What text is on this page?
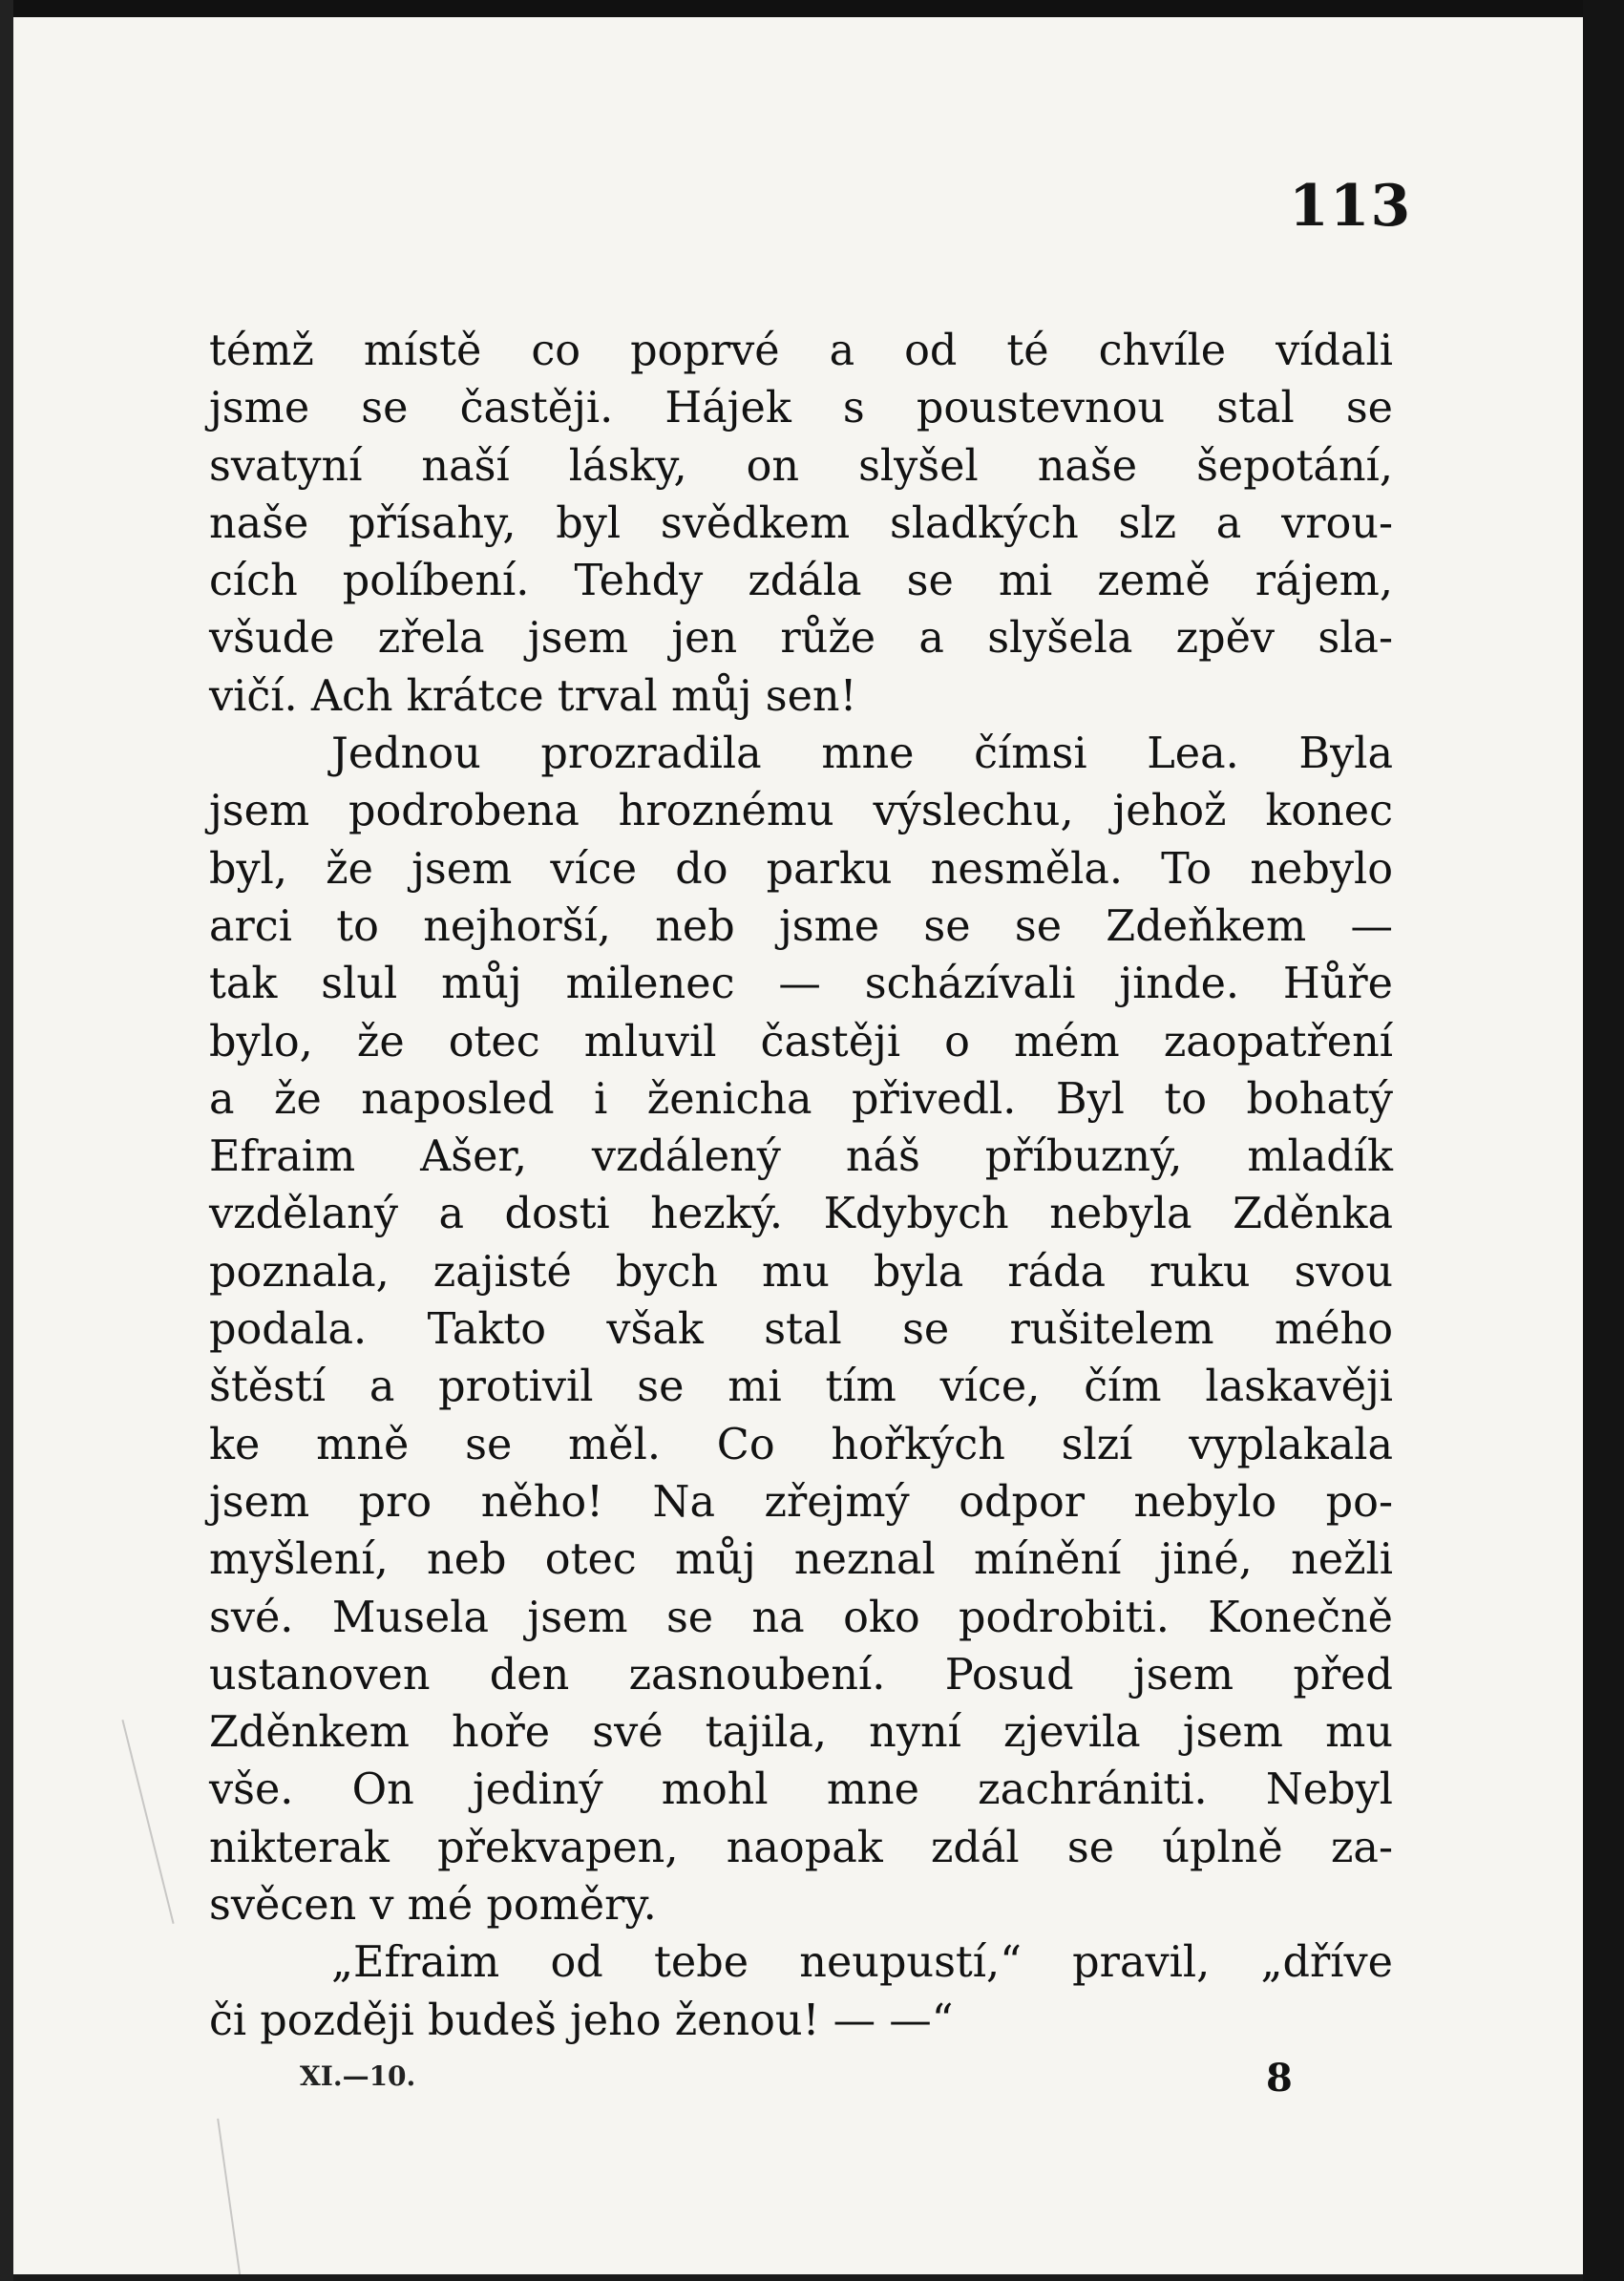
113
témž místě co poprvé a od té chvíle vídali
jsme se častěji. Hájek s poustevnou stal se
svatyní naší lásky, on slyšel naše šepotání,
naše přísahy, byl svědkem sladkých slz a vrou-
cích políbení. Tehdy zdála se mi země rájem,
všude zřela jsem jen růže a slyšela zpěv sla-
vičí. Ach krátce trval můj sen!
Jednou prozradila mne čímsi Lea. Byla
jsem podrobena hroznému výslechu, jehož konec
byl, že jsem více do parku nesměla. To nebylo
arci to nejhorší, neb jsme se se Zdeňkem —
tak slul můj milenec — scházívali jinde. Hůře
bylo, že otec mluvil častěji o mém zaopatření
a že naposled i ženicha přivedl. Byl to bohatý
Efraim Ašer, vzdálený náš příbuzný, mladík
vzdělaný a dosti hezký. Kdybych nebyla Zděnka
poznala, zajisté bych mu byla ráda ruku svou
podala. Takto však stal se rušitelem mého
štěstí a protivil se mi tím více, čím laskavěji
ke mně se měl. Co hořkých slzí vyplakala
jsem pro něho! Na zřejmý odpor nebylo po-
myšlení, neb otec můj neznal mínění jiné, nežli
své. Musela jsem se na oko podrobiti. Konečně
ustanoven den zasnoubení. Posud jsem před
Zděnkem hoře své tajila, nyní zjevila jsem mu
vše. On jediný mohl mne zachrániti. Nebyl
nikterak překvapen, naopak zdál se úplně za-
svěcen v mé poměry.
„Efraim od tebe neupustí,“ pravil, „dříve
či později budeš jeho ženou! — —“
XI.—10.	8
